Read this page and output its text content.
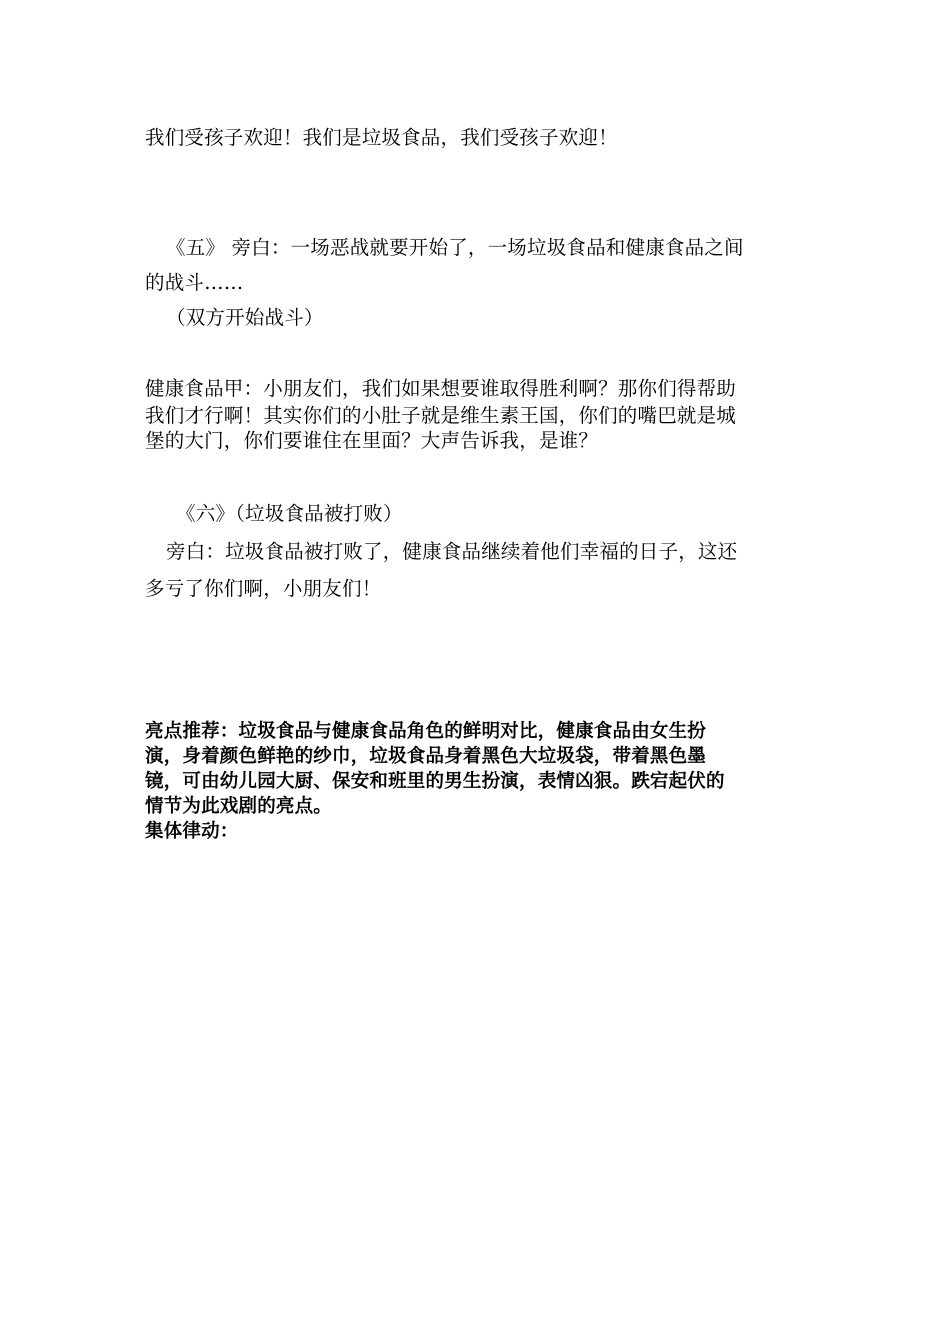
我们受孩子欢迎！我们是垃圾食品，我们受孩子欢迎！
《五》 旁白：一场恶战就要开始了，一场垃圾食品和健康食品之间
的战斗……
（双方开始战斗）
健康食品甲：小朋友们，我们如果想要谁取得胜利啊？那你们得帮助
我们才行啊！其实你们的小肚子就是维生素王国，你们的嘴巴就是城
堡的大门，你们要谁住在里面？大声告诉我，是谁？
《六》（垃圾食品被打败）
旁白：垃圾食品被打败了，健康食品继续着他们幸福的日子，这还
多亏了你们啊，小朋友们！
亮点推荐：垃圾食品与健康食品角色的鲜明对比，健康食品由女生扮
演，身着颜色鲜艳的纱巾，垃圾食品身着黑色大垃圾袋，带着黑色墨
镜，可由幼儿园大厨、保安和班里的男生扮演，表情凶狠。跌宕起伏的
情节为此戏剧的亮点。
集体律动：
